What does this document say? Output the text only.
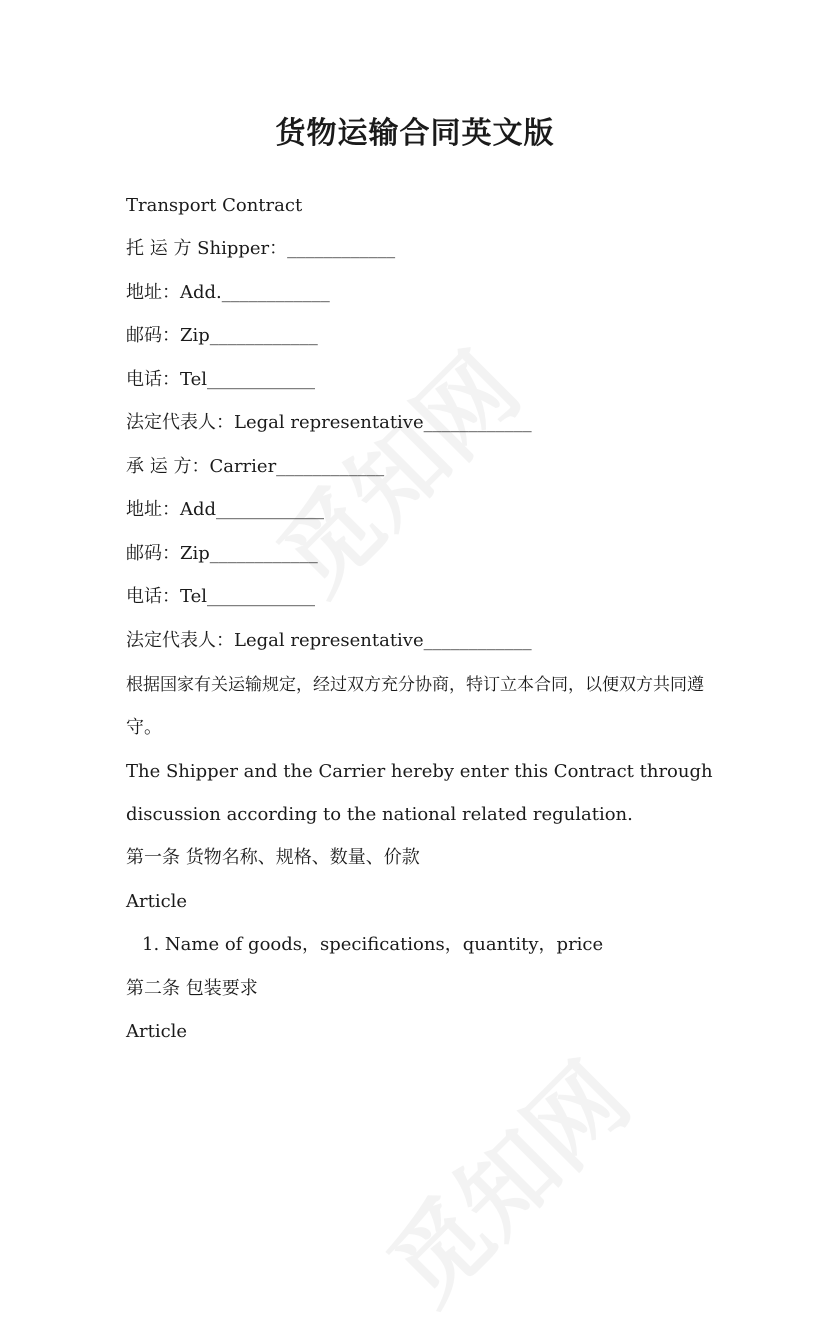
货物运输合同英文版
Transport Contract
托 运 方 Shipper：____________
地址：Add.____________
邮码：Zip____________
电话：Tel____________
法定代表人：Legal representative____________
承 运 方：Carrier____________
地址：Add____________
邮码：Zip____________
电话：Tel____________
法定代表人：Legal representative____________
根据国家有关运输规定，经过双方充分协商，特订立本合同，以便双方共同遵
守。
The Shipper and the Carrier hereby enter this Contract through
discussion according to the national related regulation.
第一条 货物名称、规格、数量、价款
Article
1. Name of goods，specifications，quantity，price
第二条 包装要求
Article
